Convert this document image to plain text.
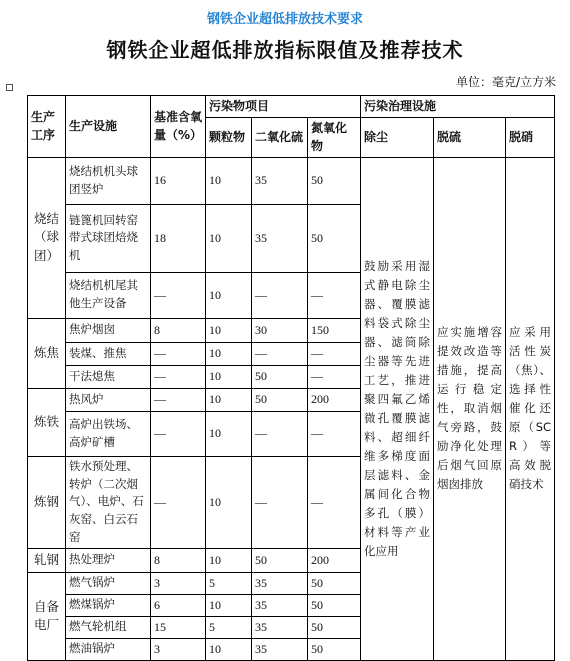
钢铁企业超低排放技术要求
钢铁企业超低排放指标限值及推荐技术
单位：毫克/立方米
生产工序	生产设施	基准含氧量（%）	污染物项目			污染治理设施		
			颗粒物	二氧化硫	氮氧化物	除尘	脱硫	脱硝
烧结（球团）	烧结机机头球团竖炉	16	10	35	50	鼓励采用湿式静电除尘器、覆膜滤料袋式除尘器、滤筒除尘器等先进工艺，推进聚四氟乙烯微孔覆膜滤料、超细纤维多梯度面层滤料、金属间化合物多孔（膜）材料等产业化应用	应实施增容提效改造等措施，提高运行稳定性，取消烟气旁路，鼓励净化处理后烟气回原烟囱排放	应采用活性炭（焦）、选择性催化还原（SCR）等高效脱硝技术
	链篦机回转窑带式球团焙烧机	18	10	35	50			
	烧结机机尾其他生产设备	—	10	—	—			
炼焦	焦炉烟囱	8	10	30	150			
	装煤、推焦	—	10	—	—			
	干法熄焦	—	10	50	—			
炼铁	热风炉	—	10	50	200			
	高炉出铁场、高炉矿槽	—	10	—	—			
炼钢	铁水预处理、转炉（二次烟气）、电炉、石灰窑、白云石窑	—	10	—	—			
轧钢	热处理炉	8	10	50	200			
自备电厂	燃气锅炉	3	5	35	50			
	燃煤锅炉	6	10	35	50			
	燃气轮机组	15	5	35	50			
	燃油锅炉	3	10	35	50			
